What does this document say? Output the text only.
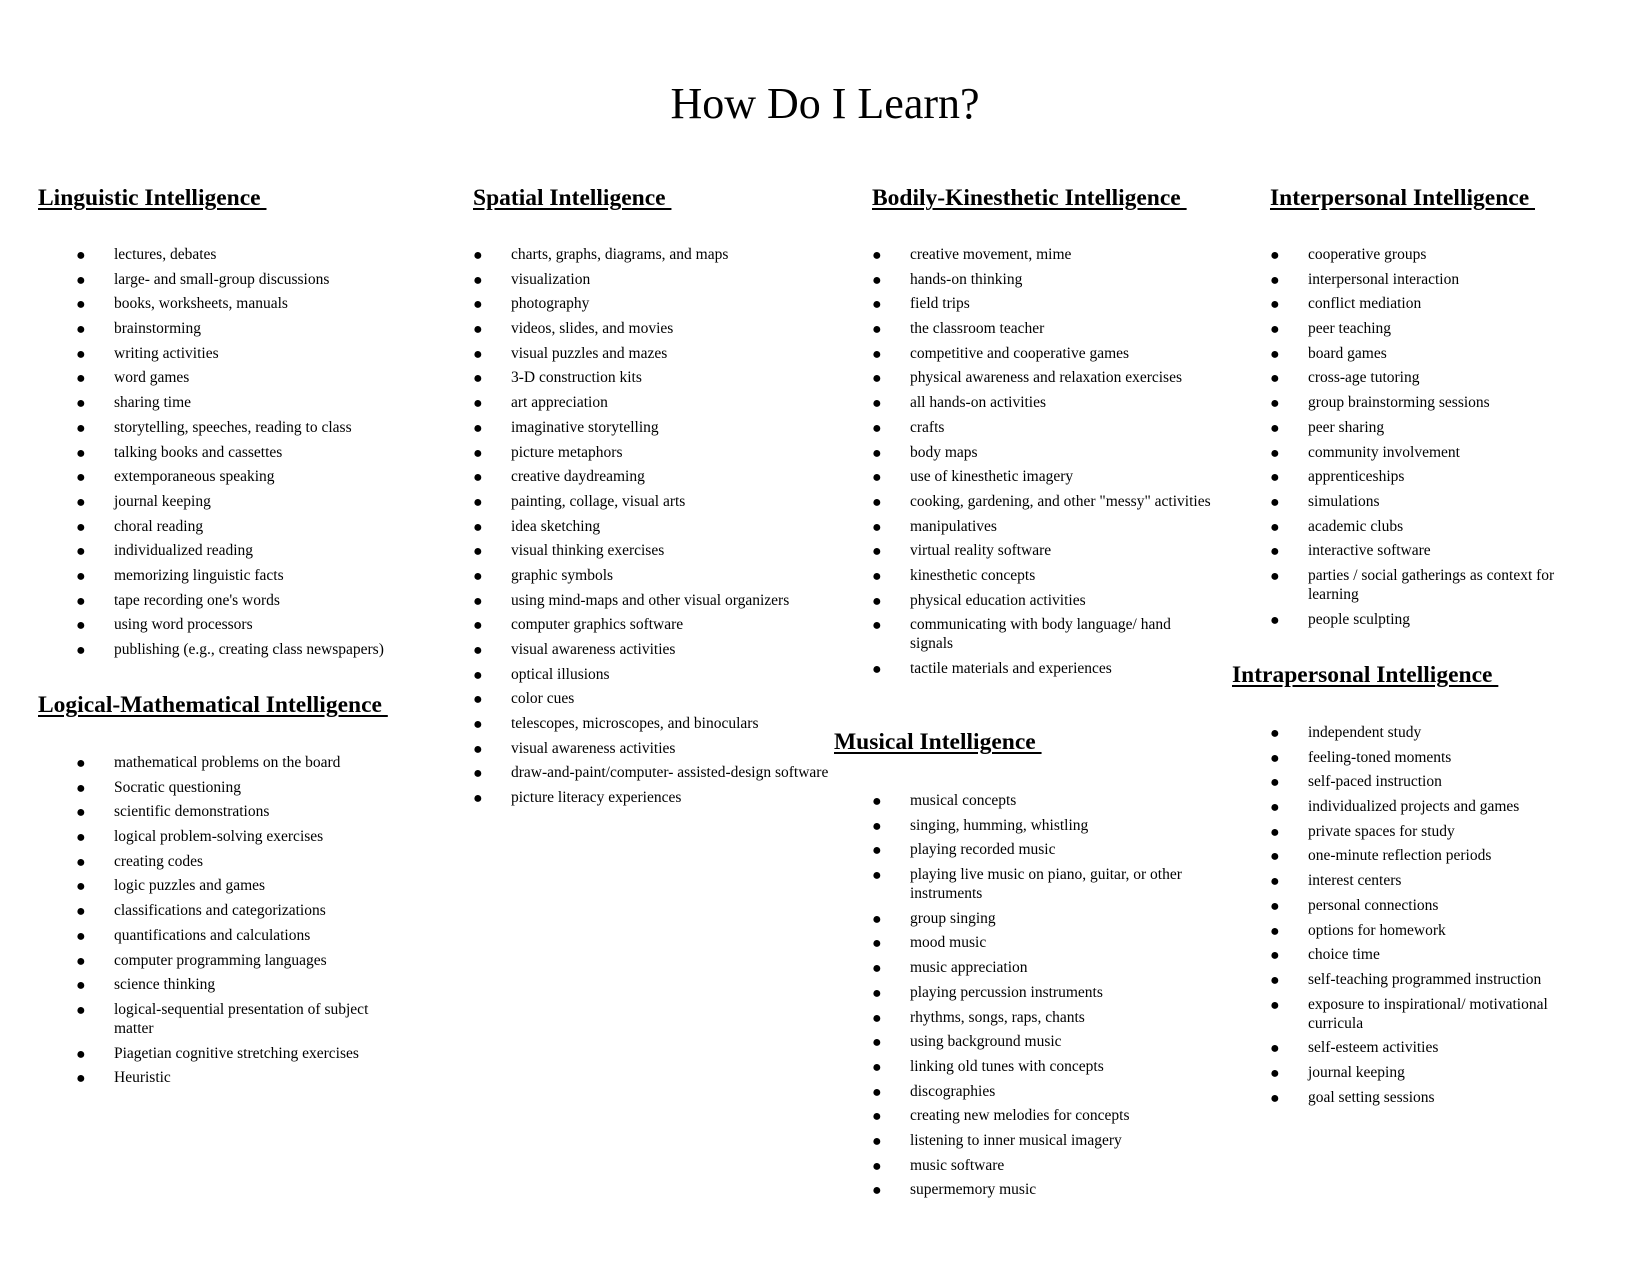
How Do I Learn?
Linguistic Intelligence
● lectures, debates
● large- and small-group discussions
● books, worksheets, manuals
● brainstorming
● writing activities
● word games
● sharing time
● storytelling, speeches, reading to class
● talking books and cassettes
● extemporaneous speaking
● journal keeping
● choral reading
● individualized reading
● memorizing linguistic facts
● tape recording one's words
● using word processors
● publishing (e.g., creating class newspapers)
Logical-Mathematical Intelligence
● mathematical problems on the board
● Socratic questioning
● scientific demonstrations
● logical problem-solving exercises
● creating codes
● logic puzzles and games
● classifications and categorizations
● quantifications and calculations
● computer programming languages
● science thinking
● logical-sequential presentation of subject matter
● Piagetian cognitive stretching exercises
● Heuristic
Spatial Intelligence
● charts, graphs, diagrams, and maps
● visualization
● photography
● videos, slides, and movies
● visual puzzles and mazes
● 3-D construction kits
● art appreciation
● imaginative storytelling
● picture metaphors
● creative daydreaming
● painting, collage, visual arts
● idea sketching
● visual thinking exercises
● graphic symbols
● using mind-maps and other visual organizers
● computer graphics software
● visual awareness activities
● optical illusions
● color cues
● telescopes, microscopes, and binoculars
● visual awareness activities
● draw-and-paint/computer- assisted-design software
● picture literacy experiences
Bodily-Kinesthetic Intelligence
● creative movement, mime
● hands-on thinking
● field trips
● the classroom teacher
● competitive and cooperative games
● physical awareness and relaxation exercises
● all hands-on activities
● crafts
● body maps
● use of kinesthetic imagery
● cooking, gardening, and other "messy" activities
● manipulatives
● virtual reality software
● kinesthetic concepts
● physical education activities
● communicating with body language/ hand signals
● tactile materials and experiences
Musical Intelligence
● musical concepts
● singing, humming, whistling
● playing recorded music
● playing live music on piano, guitar, or other instruments
● group singing
● mood music
● music appreciation
● playing percussion instruments
● rhythms, songs, raps, chants
● using background music
● linking old tunes with concepts
● discographies
● creating new melodies for concepts
● listening to inner musical imagery
● music software
● supermemory music
Interpersonal Intelligence
● cooperative groups
● interpersonal interaction
● conflict mediation
● peer teaching
● board games
● cross-age tutoring
● group brainstorming sessions
● peer sharing
● community involvement
● apprenticeships
● simulations
● academic clubs
● interactive software
● parties / social gatherings as context for learning
● people sculpting
Intrapersonal Intelligence
● independent study
● feeling-toned moments
● self-paced instruction
● individualized projects and games
● private spaces for study
● one-minute reflection periods
● interest centers
● personal connections
● options for homework
● choice time
● self-teaching programmed instruction
● exposure to inspirational/ motivational curricula
● self-esteem activities
● journal keeping
● goal setting sessions
